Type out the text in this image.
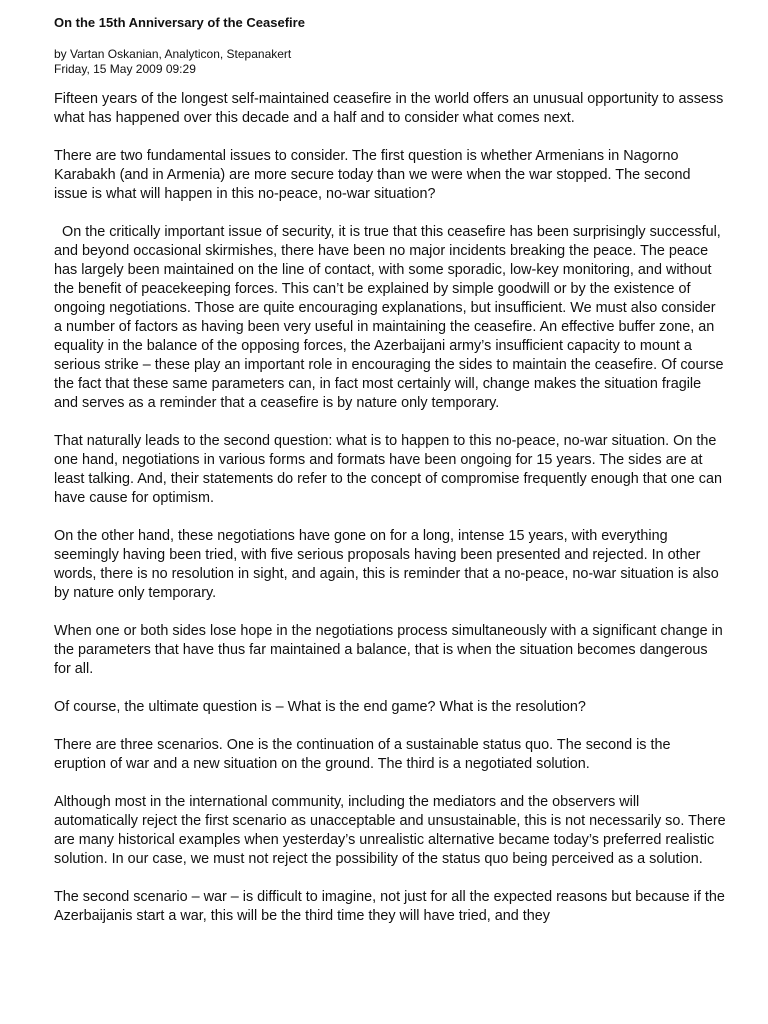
On the 15th Anniversary of the Ceasefire

by Vartan Oskanian, Analyticon, Stepanakert

Friday, 15 May 2009 09:29

Fifteen years of the longest self-maintained ceasefire in the world offers an unusual opportunity to assess what has happened over this decade and a half and to consider what comes next.

There are two fundamental issues to consider. The first question is whether Armenians in Nagorno Karabakh (and in Armenia) are more secure today than we were when the war stopped. The second issue is what will happen in this no-peace, no-war situation?

On the critically important issue of security, it is true that this ceasefire has been surprisingly successful, and beyond occasional skirmishes, there have been no major incidents breaking the peace. The peace has largely been maintained on the line of contact, with some sporadic, low-key monitoring, and without the benefit of peacekeeping forces. This can’t be explained by simple goodwill or by the existence of ongoing negotiations. Those are quite encouraging explanations, but insufficient. We must also consider a number of factors as having been very useful in maintaining the ceasefire. An effective buffer zone, an equality in the balance of the opposing forces, the Azerbaijani army’s insufficient capacity to mount a serious strike – these play an important role in encouraging the sides to maintain the ceasefire. Of course the fact that these same parameters can, in fact most certainly will, change makes the situation fragile and serves as a reminder that a ceasefire is by nature only temporary.

That naturally leads to the second question: what is to happen to this no-peace, no-war situation. On the one hand, negotiations in various forms and formats have been ongoing for 15 years. The sides are at least talking. And, their statements do refer to the concept of compromise frequently enough that one can have cause for optimism.

On the other hand, these negotiations have gone on for a long, intense 15 years, with everything seemingly having been tried, with five serious proposals having been presented and rejected. In other words, there is no resolution in sight, and again, this is reminder that a no-peace, no-war situation is also by nature only temporary.

When one or both sides lose hope in the negotiations process simultaneously with a significant change in the parameters that have thus far maintained a balance, that is when the situation becomes dangerous for all.

Of course, the ultimate question is – What is the end game? What is the resolution?

There are three scenarios. One is the continuation of a sustainable status quo. The second is the eruption of war and a new situation on the ground. The third is a negotiated solution.

Although most in the international community, including the mediators and the observers will automatically reject the first scenario as unacceptable and unsustainable, this is not necessarily so. There are many historical examples when yesterday’s unrealistic alternative became today’s preferred realistic solution. In our case, we must not reject the possibility of the status quo being perceived as a solution.

The second scenario – war – is difficult to imagine, not just for all the expected reasons but because if the Azerbaijanis start a war, this will be the third time they will have tried, and they
